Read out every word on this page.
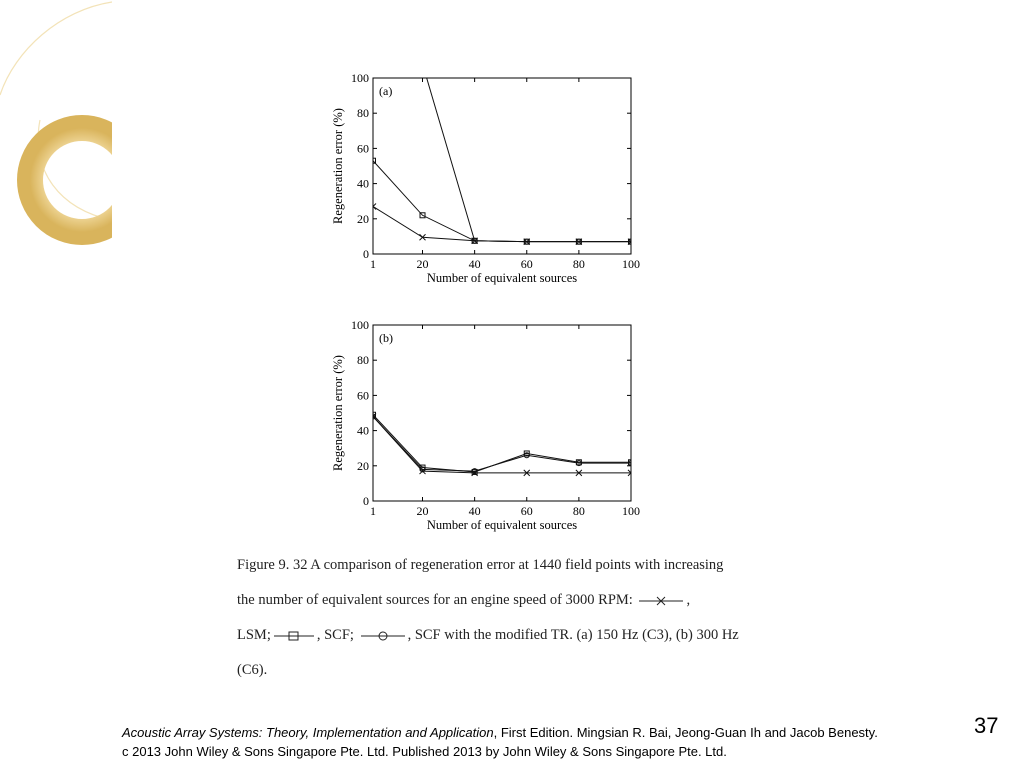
1	20	40	60	80	100
0
20
40
60
80
100
Number of equivalent sources
Regeneration error (%)
(a)
1	20	40	60	80	100
0
20
40
60
80
100
Number of equivalent sources
Regeneration error (%)
(b)
Figure 9. 32 A comparison of regeneration error at 1440 field points with increasing
the number of equivalent sources for an engine speed of 3000 RPM:	,
LSM;	, SCF;	, SCF with the modified TR. (a) 150 Hz (C3), (b) 300 Hz
(C6).
Acoustic Array Systems: Theory, Implementation and Application, First Edition. Mingsian R. Bai, Jeong-Guan Ih and Jacob Benesty.
c 2013 John Wiley & Sons Singapore Pte. Ltd. Published 2013 by John Wiley & Sons Singapore Pte. Ltd.
37
